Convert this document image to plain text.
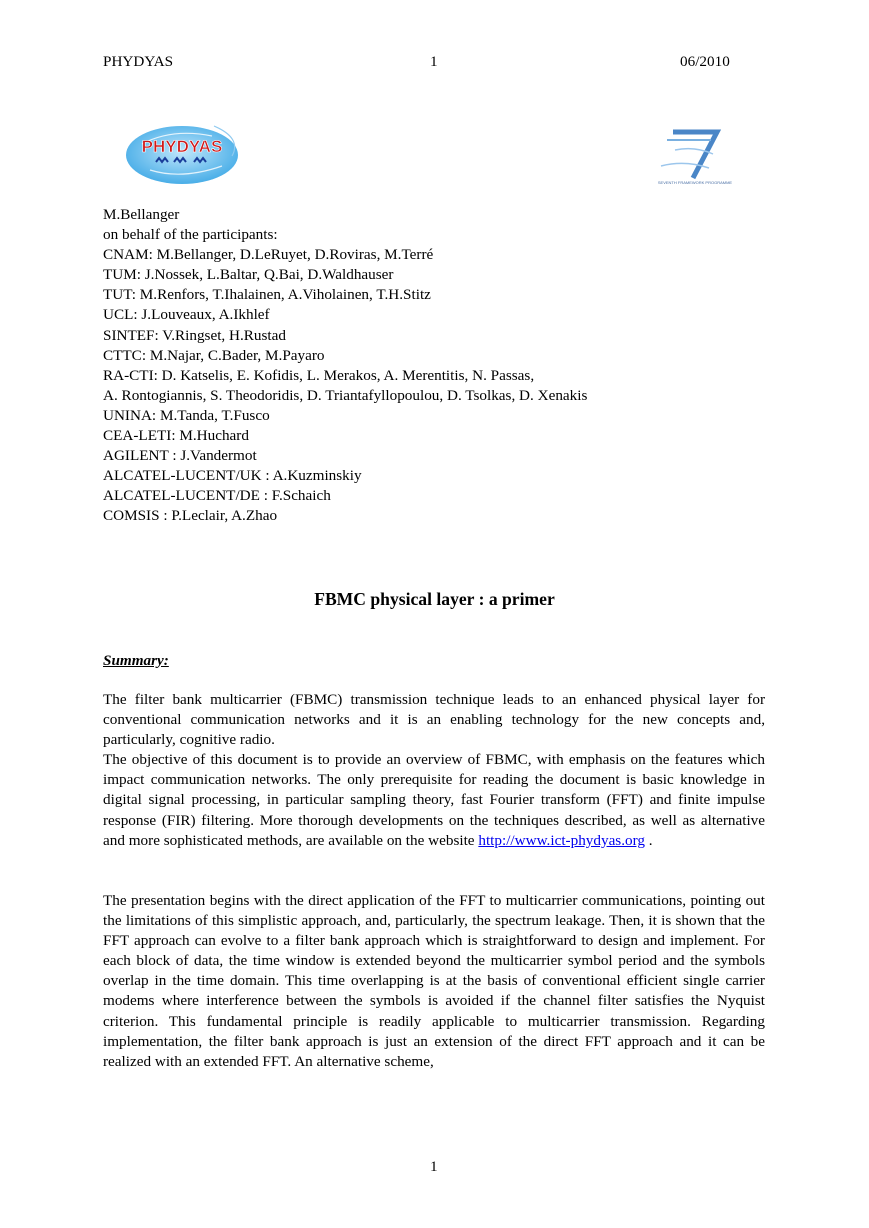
PHYDYAS	1	06/2010
PHYDYAS
SEVENTH FRAMEWORK PROGRAMME
M.Bellanger
on behalf of the participants:
CNAM: M.Bellanger, D.LeRuyet, D.Roviras, M.Terré
TUM: J.Nossek, L.Baltar, Q.Bai, D.Waldhauser
TUT: M.Renfors, T.Ihalainen, A.Viholainen, T.H.Stitz
UCL: J.Louveaux, A.Ikhlef
SINTEF: V.Ringset, H.Rustad
CTTC: M.Najar, C.Bader, M.Payaro
RA-CTI: D. Katselis, E. Kofidis, L. Merakos, A. Merentitis, N. Passas,
A. Rontogiannis, S. Theodoridis, D. Triantafyllopoulou, D. Tsolkas, D. Xenakis
UNINA: M.Tanda, T.Fusco
CEA-LETI: M.Huchard
AGILENT : J.Vandermot
ALCATEL-LUCENT/UK : A.Kuzminskiy
ALCATEL-LUCENT/DE : F.Schaich
COMSIS : P.Leclair, A.Zhao
FBMC physical layer : a primer
Summary:

The filter bank multicarrier (FBMC) transmission technique leads to an enhanced physical layer for conventional communication networks and it is an enabling technology for the new concepts and, particularly, cognitive radio.

The objective of this document is to provide an overview of FBMC, with emphasis on the features which impact communication networks. The only prerequisite for reading the document is basic knowledge in digital signal processing, in particular sampling theory, fast Fourier transform (FFT) and finite impulse response (FIR) filtering. More thorough developments on the techniques described, as well as alternative and more sophisticated methods, are available on the website http://www.ict-phydyas.org .

The presentation begins with the direct application of the FFT to multicarrier communications, pointing out the limitations of this simplistic approach, and, particularly, the spectrum leakage. Then, it is shown that the FFT approach can evolve to a filter bank approach which is straightforward to design and implement. For each block of data, the time window is extended beyond the multicarrier symbol period and the symbols overlap in the time domain. This time overlapping is at the basis of conventional efficient single carrier modems where interference between the symbols is avoided if the channel filter satisfies the Nyquist criterion. This fundamental principle is readily applicable to multicarrier transmission. Regarding implementation, the filter bank approach is just an extension of the direct FFT approach and it can be realized with an extended FFT. An alternative scheme,

1
